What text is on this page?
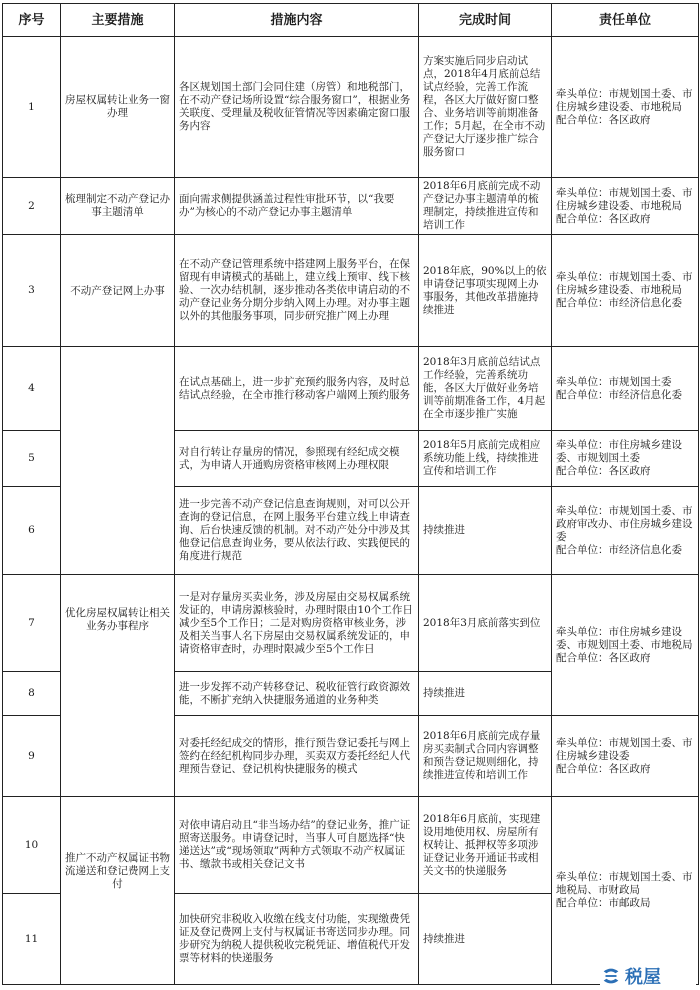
序号	主要措施	措施内容	完成时间	责任单位
1	房屋权属转让业务一窗办理	各区规划国土部门会同住建（房管）和地税部门，在不动产登记场所设置“综合服务窗口”，根据业务关联度、受理量及税收征管情况等因素确定窗口服务内容	方案实施后同步启动试点，2018年4月底前总结试点经验，完善工作流程，各区大厅做好窗口整合、业务培训等前期准备工作；5月起，在全市不动产登记大厅逐步推广综合服务窗口	牵头单位：市规划国土委、市住房城乡建设委、市地税局
配合单位：各区政府
2	梳理制定不动产登记办事主题清单	面向需求侧提供涵盖过程性审批环节，以“我要办”为核心的不动产登记办事主题清单	2018年6月底前完成不动产登记办事主题清单的梳理制定，持续推进宣传和培训工作	牵头单位：市规划国土委、市住房城乡建设委、市地税局
配合单位：各区政府
3	不动产登记网上办事	在不动产登记管理系统中搭建网上服务平台，在保留现有申请模式的基础上，建立线上预审、线下核验、一次办结机制，逐步推动各类依申请启动的不动产登记业务分期分步纳入网上办理。对办事主题以外的其他服务事项，同步研究推广网上办理	2018年底，90%以上的依申请登记事项实现网上办事服务，其他改革措施持续推进	牵头单位：市规划国土委、市住房城乡建设委、市地税局
配合单位：市经济信息化委
4		在试点基础上，进一步扩充预约服务内容，及时总结试点经验，在全市推行移动客户端网上预约服务	2018年3月底前总结试点工作经验，完善系统功能，各区大厅做好业务培训等前期准备工作，4月起在全市逐步推广实施	牵头单位：市规划国土委
配合单位：市经济信息化委
5		对自行转让存量房的情况，参照现有经纪成交模式，为申请人开通购房资格审核网上办理权限	2018年5月底前完成相应系统功能上线，持续推进宣传和培训工作	牵头单位：市住房城乡建设委、市规划国土委
配合单位：各区政府
6		进一步完善不动产登记信息查询规则，对可以公开查询的登记信息，在网上服务平台建立线上申请查询、后台快速反馈的机制。对不动产处分中涉及其他登记信息查询业务，要从依法行政、实践便民的角度进行规范	持续推进	牵头单位：市规划国土委、市政府审改办、市住房城乡建设委
配合单位：市经济信息化委
7	优化房屋权属转让相关业务办事程序	一是对存量房买卖业务，涉及房屋由交易权属系统发证的，申请房源核验时，办理时限由10个工作日减少至5个工作日；二是对购房资格审核业务，涉及相关当事人名下房屋由交易权属系统发证的，申请资格审查时，办理时限减少至5个工作日	2018年3月底前落实到位	牵头单位：市住房城乡建设委、市规划国土委、市地税局
配合单位：各区政府
8		进一步发挥不动产转移登记、税收征管行政资源效能，不断扩充纳入快捷服务通道的业务种类	持续推进	
9		对委托经纪成交的情形，推行预告登记委托与网上签约在经纪机构同步办理，买卖双方委托经纪人代理预告登记、登记机构快捷服务的模式	2018年6月底前完成存量房买卖制式合同内容调整和预告登记规则细化，持续推进宣传和培训工作	牵头单位：市规划国土委、市住房城乡建设委
配合单位：各区政府
10	推广不动产权属证书物流递送和登记费网上支付	对依申请启动且“非当场办结”的登记业务，推广证照寄送服务。申请登记时，当事人可自愿选择“快递送达”或“现场领取”两种方式领取不动产权属证书、缴款书或相关登记文书	2018年6月底前，实现建设用地使用权、房屋所有权转让、抵押权等多项涉证登记业务开通证书或相关文书的快递服务	牵头单位：市规划国土委、市地税局、市财政局
配合单位：市邮政局
11		加快研究非税收入收缴在线支付功能，实现缴费凭证及登记费网上支付与权属证书寄送同步办理。同步研究为纳税人提供税收完税凭证、增值税代开发票等材料的快递服务	持续推进	
税屋
